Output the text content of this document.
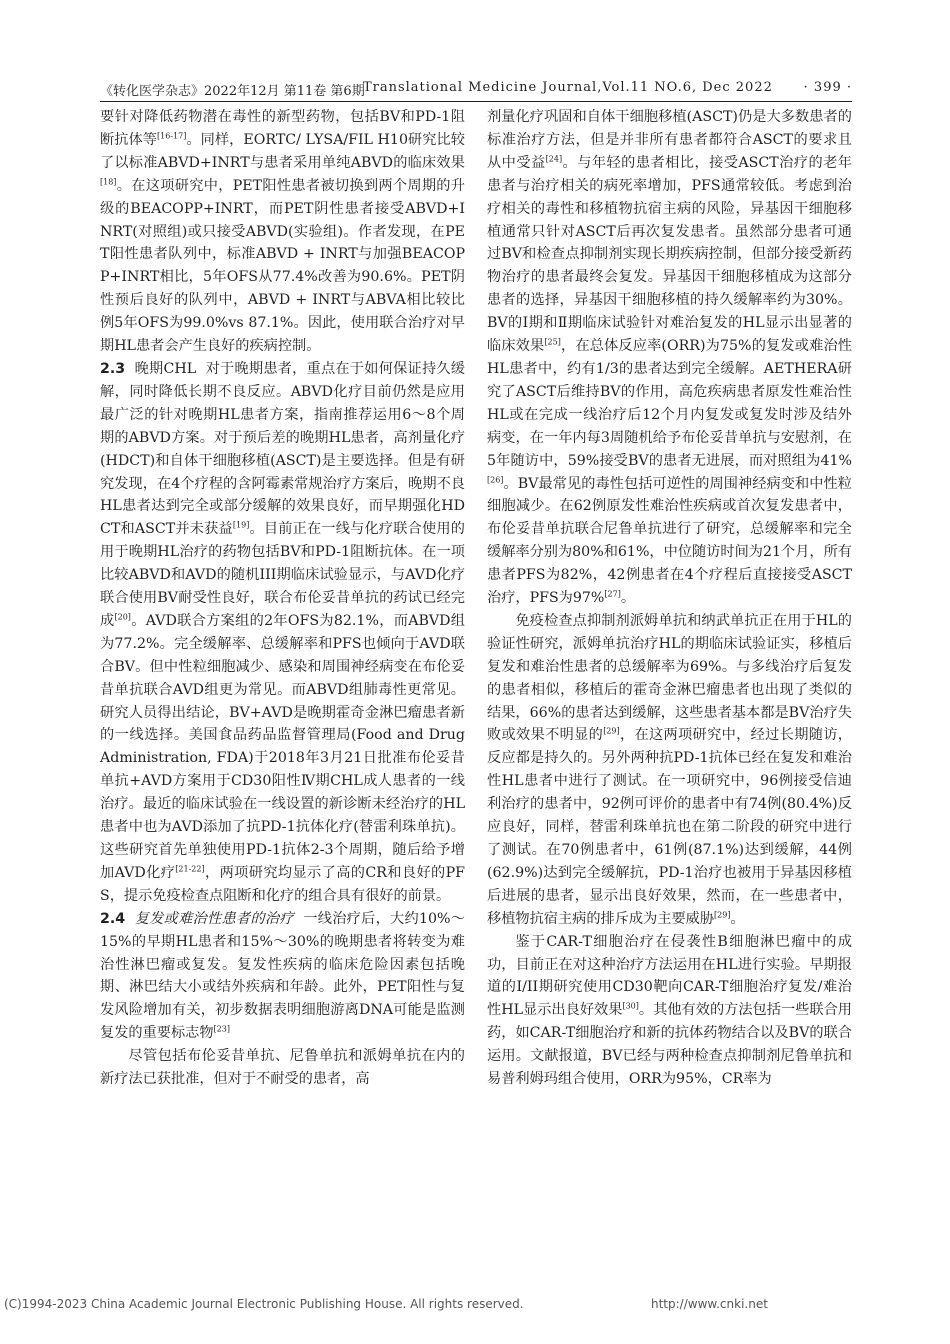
《转化医学杂志》2022年12月 第11卷 第6期
Translational Medicine Journal,Vol.11 NO.6, Dec 2022 · 399 ·

要针对降低药物潜在毒性的新型药物，包括BV和PD-1阻断抗体等[16-17]。同样，EORTC/ LYSA/FIL H10研究比较了以标准ABVD+INRT与患者采用单纯ABVD的临床效果[18]。在这项研究中，PET阳性患者被切换到两个周期的升级的BEACOPP+INRT，而PET阴性患者接受ABVD+INRT(对照组)或只接受ABVD(实验组)。作者发现，在PET阳性患者队列中，标准ABVD + INRT与加强BEACOPP+INRT相比，5年OFS从77.4%改善为90.6%。PET阴性预后良好的队列中，ABVD + INRT与ABVA相比较比例5年OFS为99.0%vs 87.1%。因此，使用联合治疗对早期HL患者会产生良好的疾病控制。

2.3 晚期CHL 对于晚期患者，重点在于如何保证持久缓解，同时降低长期不良反应。ABVD化疗目前仍然是应用最广泛的针对晚期HL患者方案，指南推荐运用6～8个周期的ABVD方案。对于预后差的晚期HL患者，高剂量化疗(HDCT)和自体干细胞移植(ASCT)是主要选择。但是有研究发现，在4个疗程的含阿霉素常规治疗方案后，晚期不良HL患者达到完全或部分缓解的效果良好，而早期强化HDCT和ASCT并未获益[19]。目前正在一线与化疗联合使用的用于晚期HL治疗的药物包括BV和PD-1阻断抗体。在一项比较ABVD和AVD的随机III期临床试验显示，与AVD化疗联合使用BV耐受性良好，联合布伦妥昔单抗的药试已经完成[20]。AVD联合方案组的2年OFS为82.1%，而ABVD组为77.2%。完全缓解率、总缓解率和PFS也倾向于AVD联合BV。但中性粒细胞减少、感染和周围神经病变在布伦妥昔单抗联合AVD组更为常见。而ABVD组肺毒性更常见。研究人员得出结论，BV+AVD是晚期霍奇金淋巴瘤患者新的一线选择。美国食品药品监督管理局(Food and Drug Administration, FDA)于2018年3月21日批准布伦妥昔单抗+AVD方案用于CD30阳性Ⅳ期CHL成人患者的一线治疗。最近的临床试验在一线设置的新诊断未经治疗的HL患者中也为AVD添加了抗PD-1抗体化疗(替雷利珠单抗)。这些研究首先单独使用PD-1抗体2-3个周期，随后给予增加AVD化疗[21-22]，两项研究均显示了高的CR和良好的PFS，提示免疫检查点阻断和化疗的组合具有很好的前景。

2.4 复发或难治性患者的治疗 一线治疗后，大约10%～15%的早期HL患者和15%～30%的晚期患者将转变为难治性淋巴瘤或复发。复发性疾病的临床危险因素包括晚期、淋巴结大小或结外疾病和年龄。此外，PET阳性与复发风险增加有关，初步数据表明细胞游离DNA可能是监测复发的重要标志物[23]

尽管包括布伦妥昔单抗、尼鲁单抗和派姆单抗在内的新疗法已获批准，但对于不耐受的患者，高

剂量化疗巩固和自体干细胞移植(ASCT)仍是大多数患者的标准治疗方法，但是并非所有患者都符合ASCT的要求且从中受益[24]。与年轻的患者相比，接受ASCT治疗的老年患者与治疗相关的病死率增加，PFS通常较低。考虑到治疗相关的毒性和移植物抗宿主病的风险，异基因干细胞移植通常只针对ASCT后再次复发患者。虽然部分患者可通过BV和检查点抑制剂实现长期疾病控制，但部分接受新药物治疗的患者最终会复发。异基因干细胞移植成为这部分患者的选择，异基因干细胞移植的持久缓解率约为30%。BV的Ⅰ期和Ⅱ期临床试验针对难治复发的HL显示出显著的临床效果[25]，在总体反应率(ORR)为75%的复发或难治性HL患者中，约有1/3的患者达到完全缓解。AETHERA研究了ASCT后维持BV的作用，高危疾病患者原发性难治性HL或在完成一线治疗后12个月内复发或复发时涉及结外病变，在一年内每3周随机给予布伦妥昔单抗与安慰剂，在5年随访中，59%接受BV的患者无进展，而对照组为41%[26]。BV最常见的毒性包括可逆性的周围神经病变和中性粒细胞减少。在62例原发性难治性疾病或首次复发患者中，布伦妥昔单抗联合尼鲁单抗进行了研究，总缓解率和完全缓解率分别为80%和61%，中位随访时间为21个月，所有患者PFS为82%，42例患者在4个疗程后直接接受ASCT治疗，PFS为97%[27]。

免疫检查点抑制剂派姆单抗和纳武单抗正在用于HL的验证性研究，派姆单抗治疗HL的期临床试验证实，移植后复发和难治性患者的总缓解率为69%。与多线治疗后复发的患者相似，移植后的霍奇金淋巴瘤患者也出现了类似的结果，66%的患者达到缓解，这些患者基本都是BV治疗失败或效果不明显的[29]，在这两项研究中，经过长期随访，反应都是持久的。另外两种抗PD-1抗体已经在复发和难治性HL患者中进行了测试。在一项研究中，96例接受信迪利治疗的患者中，92例可评价的患者中有74例(80.4%)反应良好，同样，替雷利珠单抗也在第二阶段的研究中进行了测试。在70例患者中，61例(87.1%)达到缓解，44例(62.9%)达到完全缓解抗，PD-1治疗也被用于异基因移植后进展的患者，显示出良好效果，然而，在一些患者中，移植物抗宿主病的排斥成为主要威胁[29]。

鉴于CAR-T细胞治疗在侵袭性B细胞淋巴瘤中的成功，目前正在对这种治疗方法运用在HL进行实验。早期报道的I/II期研究使用CD30靶向CAR-T细胞治疗复发/难治性HL显示出良好效果[30]。其他有效的方法包括一些联合用药，如CAR-T细胞治疗和新的抗体药物结合以及BV的联合运用。文献报道，BV已经与两种检查点抑制剂尼鲁单抗和易普利姆玛组合使用，ORR为95%，CR率为

(C)1994-2023 China Academic Journal Electronic Publishing House. All rights reserved.	http://www.cnki.net
